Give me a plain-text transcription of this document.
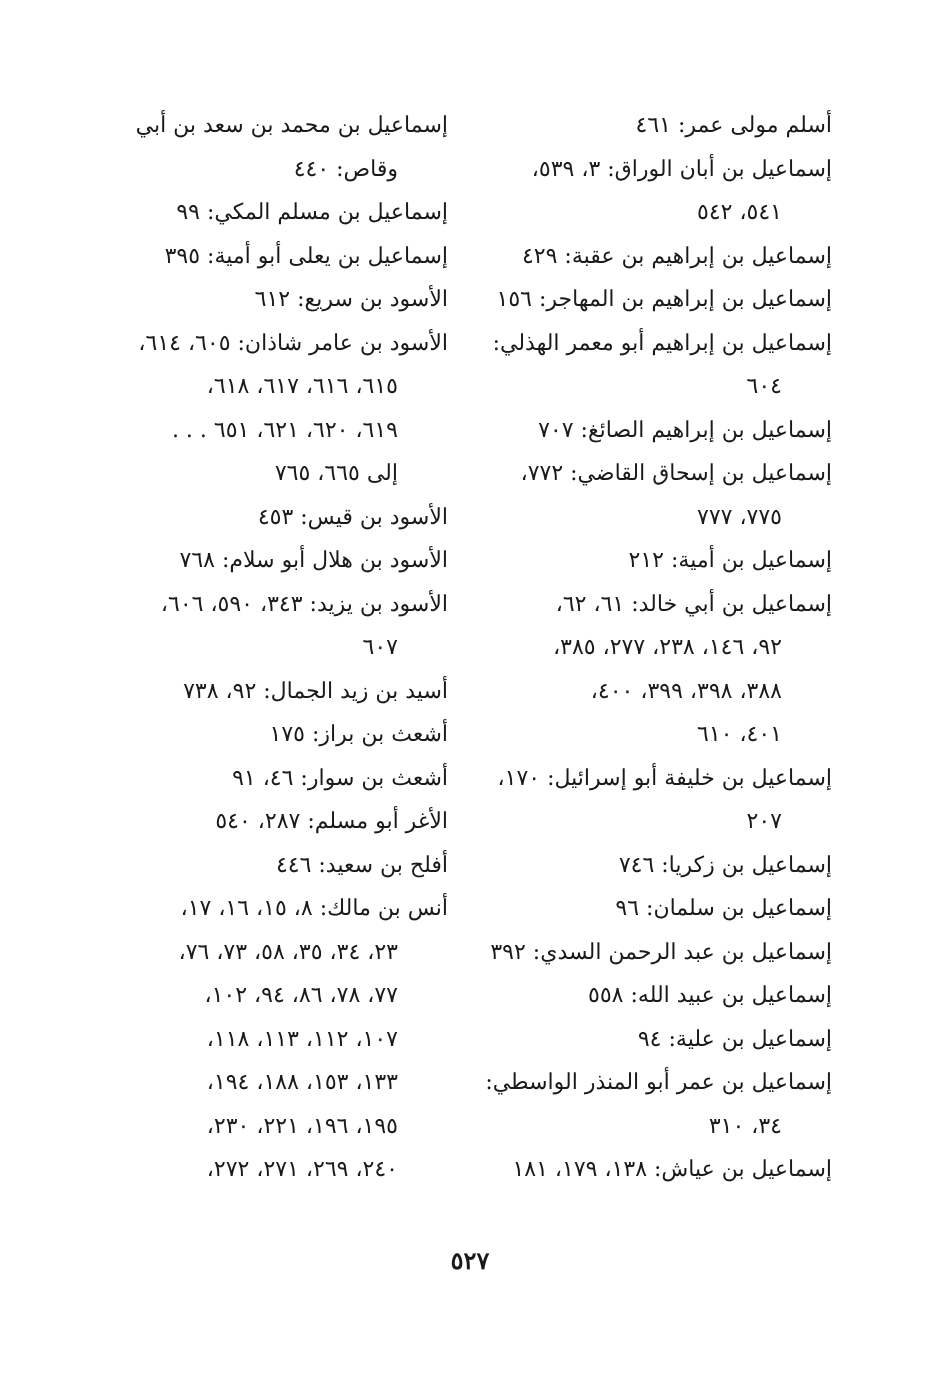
أسلم مولى عمر: ٤٦١

إسماعيل بن أبان الوراق: ٣، ٥٣٩،

٥٤١، ٥٤٢

إسماعيل بن إبراهيم بن عقبة: ٤٢٩

إسماعيل بن إبراهيم بن المهاجر: ١٥٦

إسماعيل بن إبراهيم أبو معمر الهذلي:

٦٠٤

إسماعيل بن إبراهيم الصائغ: ٧٠٧

إسماعيل بن إسحاق القاضي: ٧٧٢،

٧٧٥، ٧٧٧

إسماعيل بن أمية: ٢١٢

إسماعيل بن أبي خالد: ٦١، ٦٢،

٩٢، ١٤٦، ٢٣٨، ٢٧٧، ٣٨٥،

٣٨٨، ٣٩٨، ٣٩٩، ٤٠٠،

٤٠١، ٦١٠

إسماعيل بن خليفة أبو إسرائيل: ١٧٠،

٢٠٧

إسماعيل بن زكريا: ٧٤٦

إسماعيل بن سلمان: ٩٦

إسماعيل بن عبد الرحمن السدي: ٣٩٢

إسماعيل بن عبيد الله: ٥٥٨

إسماعيل بن علية: ٩٤

إسماعيل بن عمر أبو المنذر الواسطي:

٣٤، ٣١٠

إسماعيل بن عياش: ١٣٨، ١٧٩، ١٨١

إسماعيل بن محمد بن سعد بن أبي

وقاص: ٤٤٠

إسماعيل بن مسلم المكي: ٩٩

إسماعيل بن يعلى أبو أمية: ٣٩٥

الأسود بن سريع: ٦١٢

الأسود بن عامر شاذان: ٦٠٥، ٦١٤،

٦١٥، ٦١٦، ٦١٧، ٦١٨،

٦١٩، ٦٢٠، ٦٢١، ٦٥١ . . .

إلى ٦٦٥، ٧٦٥

الأسود بن قيس: ٤٥٣

الأسود بن هلال أبو سلام: ٧٦٨

الأسود بن يزيد: ٣٤٣، ٥٩٠، ٦٠٦،

٦٠٧

أسيد بن زيد الجمال: ٩٢، ٧٣٨

أشعث بن براز: ١٧٥

أشعث بن سوار: ٤٦، ٩١

الأغر أبو مسلم: ٢٨٧، ٥٤٠

أفلح بن سعيد: ٤٤٦

أنس بن مالك: ٨، ١٥، ١٦، ١٧،

٢٣، ٣٤، ٣٥، ٥٨، ٧٣، ٧٦،

٧٧، ٧٨، ٨٦، ٩٤، ١٠٢،

١٠٧، ١١٢، ١١٣، ١١٨،

١٣٣، ١٥٣، ١٨٨، ١٩٤،

١٩٥، ١٩٦، ٢٢١، ٢٣٠،

٢٤٠، ٢٦٩، ٢٧١، ٢٧٢،

٥٢٧
